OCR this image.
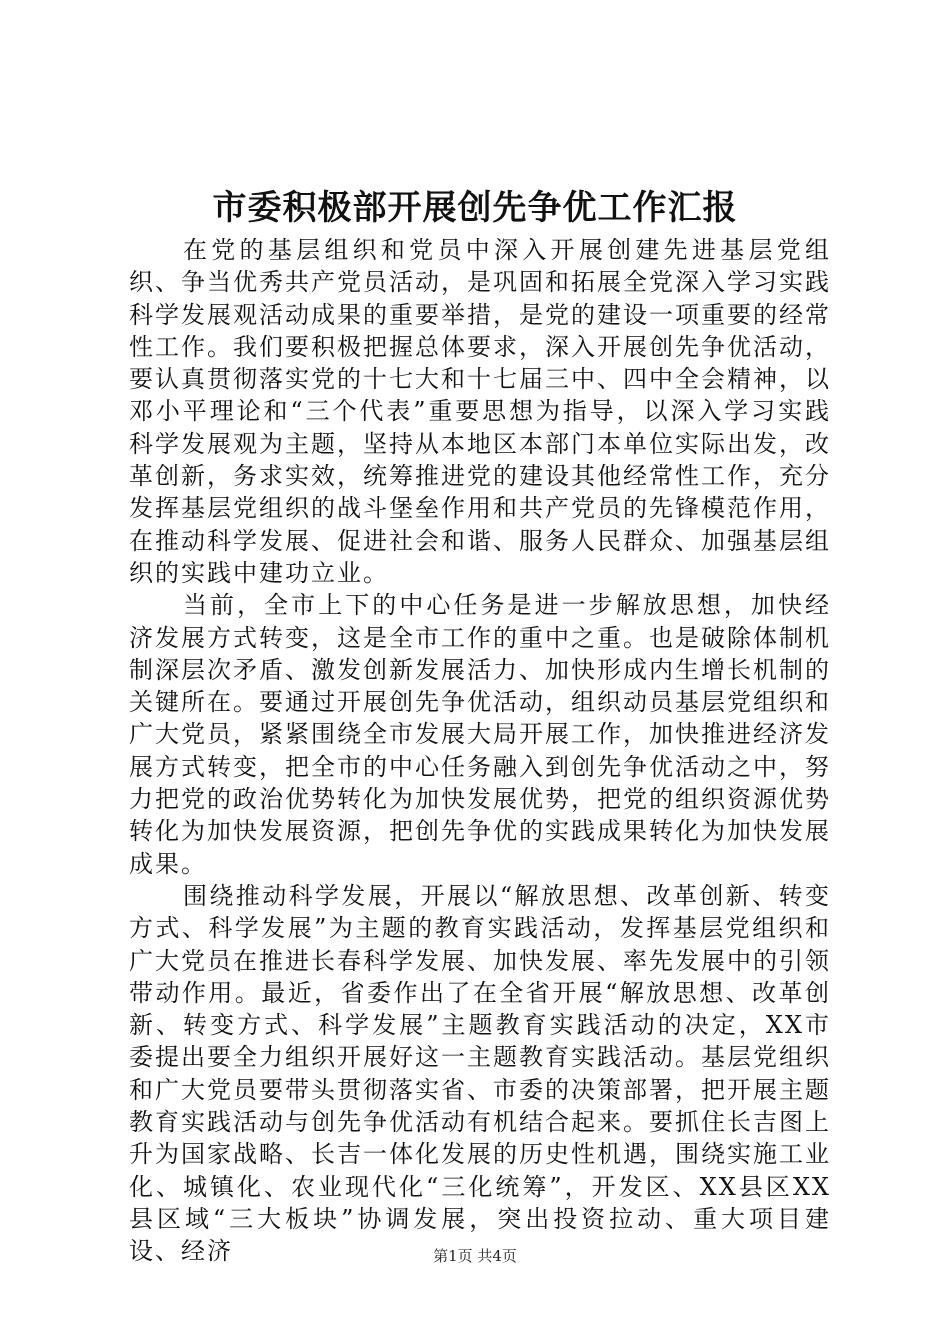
市委积极部开展创先争优工作汇报

在党的基层组织和党员中深入开展创建先进基层党组织、争当优秀共产党员活动，是巩固和拓展全党深入学习实践科学发展观活动成果的重要举措，是党的建设一项重要的经常性工作。我们要积极把握总体要求，深入开展创先争优活动，要认真贯彻落实党的十七大和十七届三中、四中全会精神，以邓小平理论和“三个代表”重要思想为指导，以深入学习实践科学发展观为主题，坚持从本地区本部门本单位实际出发，改革创新，务求实效，统筹推进党的建设其他经常性工作，充分发挥基层党组织的战斗堡垒作用和共产党员的先锋模范作用，在推动科学发展、促进社会和谐、服务人民群众、加强基层组织的实践中建功立业。

当前，全市上下的中心任务是进一步解放思想，加快经济发展方式转变，这是全市工作的重中之重。也是破除体制机制深层次矛盾、激发创新发展活力、加快形成内生增长机制的关键所在。要通过开展创先争优活动，组织动员基层党组织和广大党员，紧紧围绕全市发展大局开展工作，加快推进经济发展方式转变，把全市的中心任务融入到创先争优活动之中，努力把党的政治优势转化为加快发展优势，把党的组织资源优势转化为加快发展资源，把创先争优的实践成果转化为加快发展成果。

围绕推动科学发展，开展以“解放思想、改革创新、转变方式、科学发展”为主题的教育实践活动，发挥基层党组织和广大党员在推进长春科学发展、加快发展、率先发展中的引领带动作用。最近，省委作出了在全省开展“解放思想、改革创新、转变方式、科学发展”主题教育实践活动的决定，XX市委提出要全力组织开展好这一主题教育实践活动。基层党组织和广大党员要带头贯彻落实省、市委的决策部署，把开展主题教育实践活动与创先争优活动有机结合起来。要抓住长吉图上升为国家战略、长吉一体化发展的历史性机遇，围绕实施工业化、城镇化、农业现代化“三化统筹”，开发区、XX县区XX县区域“三大板块”协调发展，突出投资拉动、重大项目建设、经济	第1页 共4页
